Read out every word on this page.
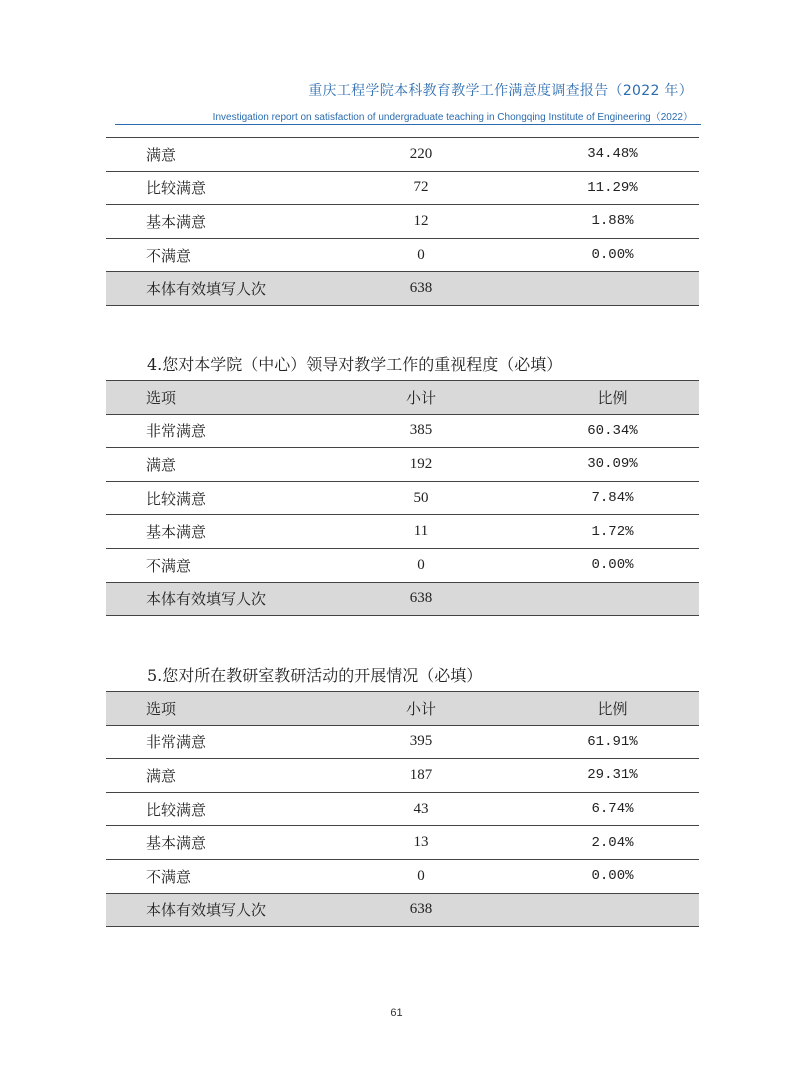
重庆工程学院本科教育教学工作满意度调查报告（2022 年）
Investigation report on satisfaction of undergraduate teaching in Chongqing Institute of Engineering（2022）
满意	220	34.48%
比较满意	72	11.29%
基本满意	12	1.88%
不满意	0	0.00%
本体有效填写人次	638	
4.您对本学院（中心）领导对教学工作的重视程度（必填）
选项	小计	比例
非常满意	385	60.34%
满意	192	30.09%
比较满意	50	7.84%
基本满意	11	1.72%
不满意	0	0.00%
本体有效填写人次	638	
5.您对所在教研室教研活动的开展情况（必填）
选项	小计	比例
非常满意	395	61.91%
满意	187	29.31%
比较满意	43	6.74%
基本满意	13	2.04%
不满意	0	0.00%
本体有效填写人次	638	
61
